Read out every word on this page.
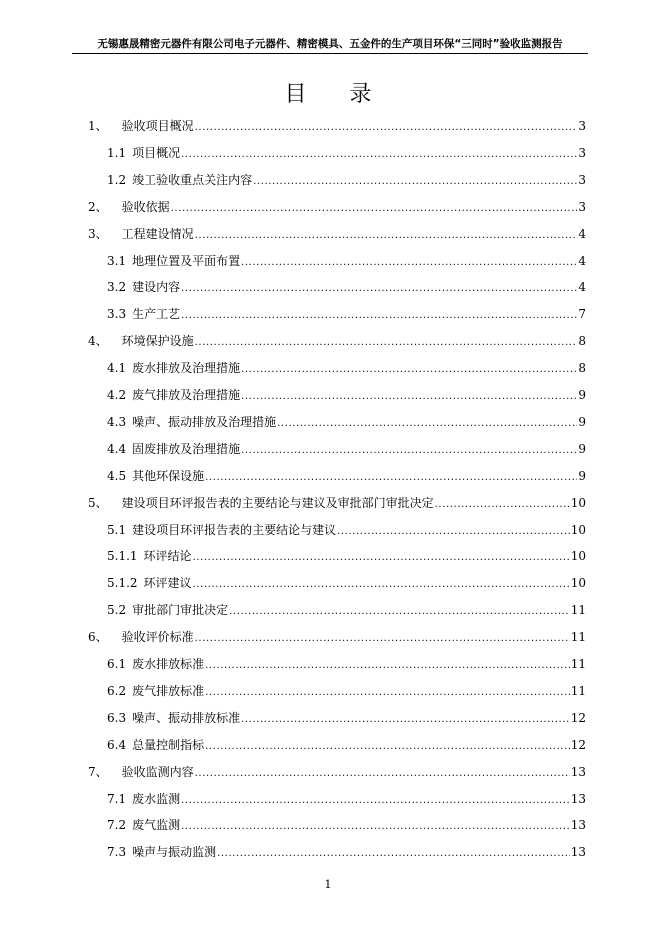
无锡惠晟精密元器件有限公司电子元器件、精密模具、五金件的生产项目环保“三同时”验收监测报告
目 录
1、 验收项目概况 .....	3
1.1 项目概况 .....	3
1.2 竣工验收重点关注内容 .....	3
2、 验收依据 .....	3
3、 工程建设情况 .....	4
3.1 地理位置及平面布置 .....	4
3.2 建设内容 .....	4
3.3 生产工艺 .....	7
4、 环境保护设施 .....	8
4.1 废水排放及治理措施 .....	8
4.2 废气排放及治理措施 .....	9
4.3 噪声、振动排放及治理措施 .....	9
4.4 固废排放及治理措施 .....	9
4.5 其他环保设施 .....	9
5、 建设项目环评报告表的主要结论与建议及审批部门审批决定 .....	10
5.1 建设项目环评报告表的主要结论与建议 .....	10
5.1.1 环评结论 .....	10
5.1.2 环评建议 .....	10
5.2 审批部门审批决定 .....	11
6、 验收评价标准 .....	11
6.1 废水排放标准 .....	11
6.2 废气排放标准 .....	11
6.3 噪声、振动排放标准 .....	12
6.4 总量控制指标 .....	12
7、 验收监测内容 .....	13
7.1 废水监测 .....	13
7.2 废气监测 .....	13
7.3 噪声与振动监测 .....	13
1
